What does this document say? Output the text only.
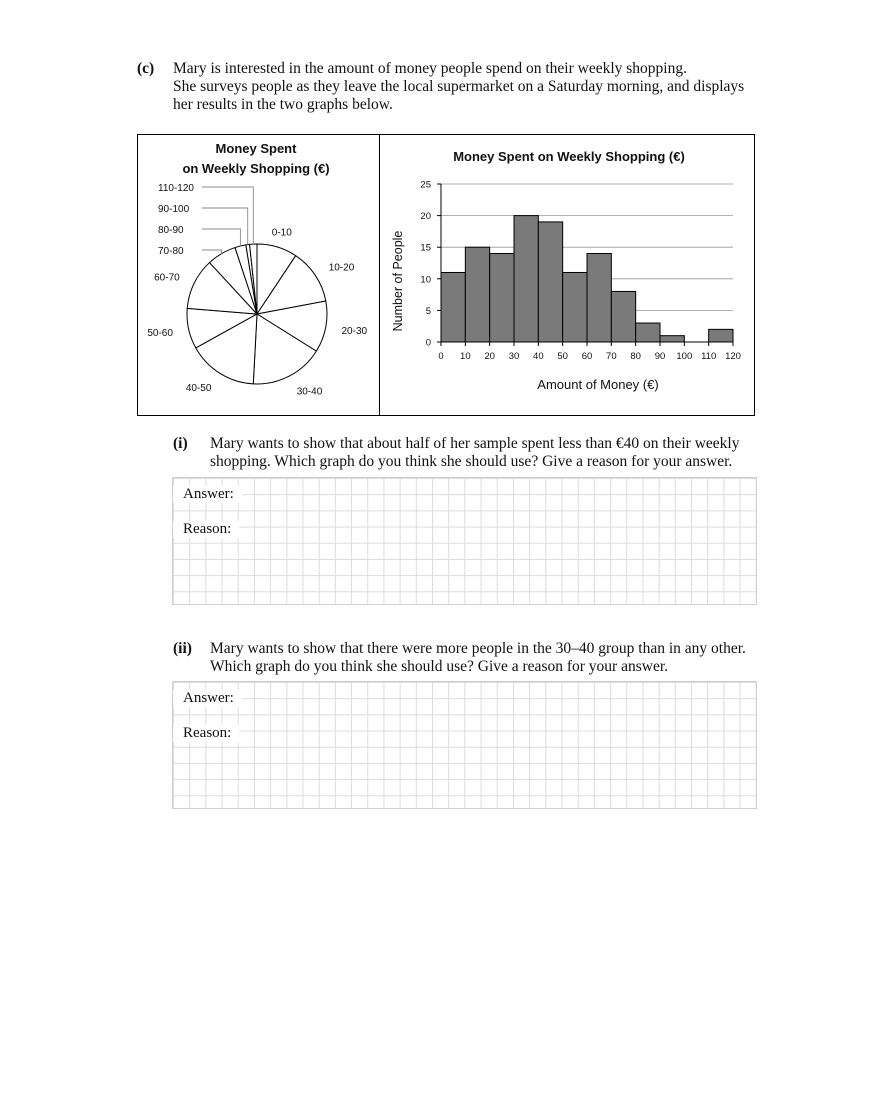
(c) Mary is interested in the amount of money people spend on their weekly shopping.
She surveys people as they leave the local supermarket on a Saturday morning, and displays
her results in the two graphs below.
Money Spent
on Weekly Shopping (€)
0-10
10-20
20-30
30-40
40-50
50-60
60-70
70-80
80-90
90-100
110-120
Money Spent on Weekly Shopping (€)
Number of People
Amount of Money (€)
0
5
10
15
20
25
0 10 20 30 40 50 60 70 80 90 100 110 120
(i) Mary wants to show that about half of her sample spent less than €40 on their weekly
shopping. Which graph do you think she should use? Give a reason for your answer.
Answer:
Reason:
(ii) Mary wants to show that there were more people in the 30–40 group than in any other.
Which graph do you think she should use? Give a reason for your answer.
Answer:
Reason:
